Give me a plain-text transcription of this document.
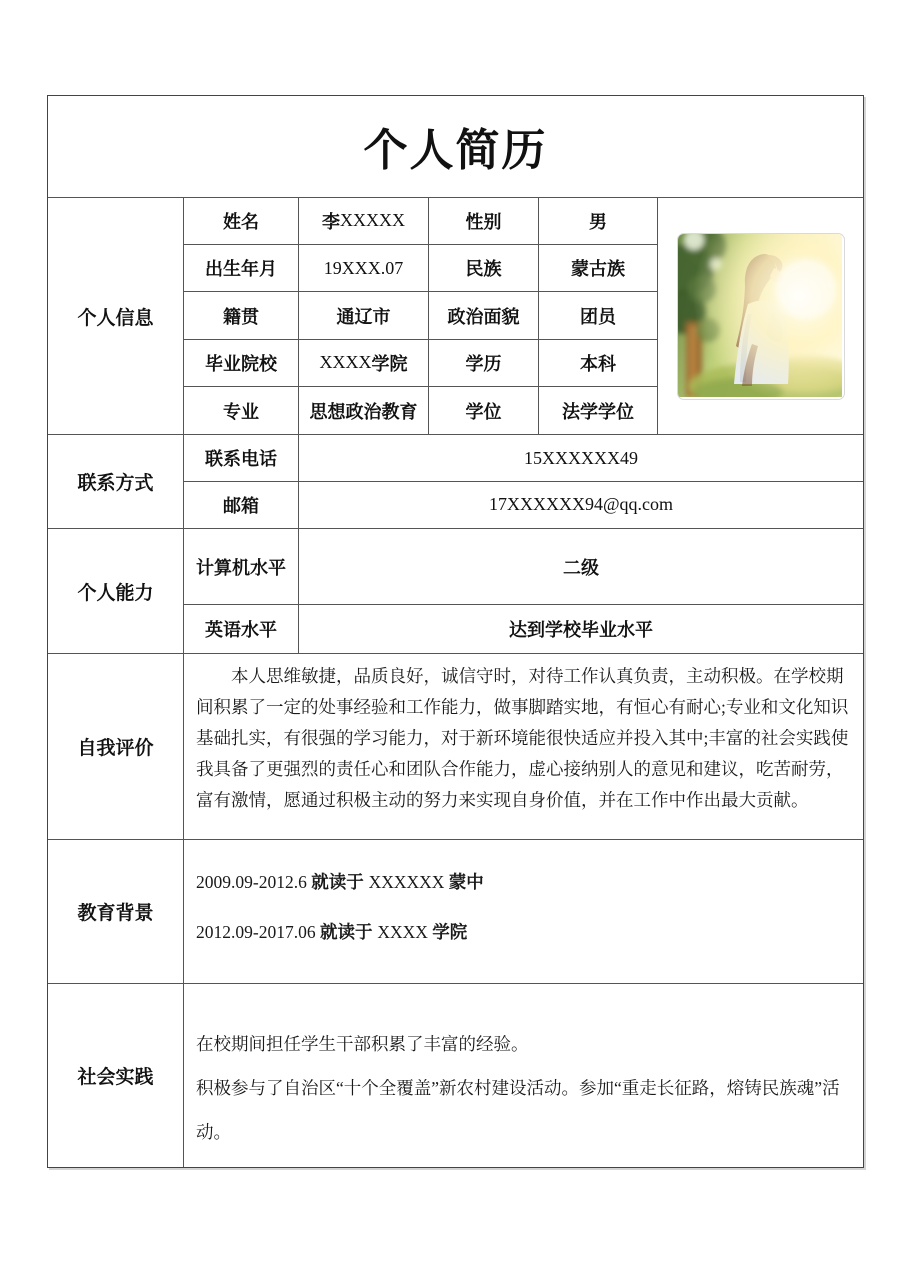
个人简历
个人信息
姓名	李 XXXXX	性别	男
出生年月	19XXX.07	民族	蒙古族
籍贯	通辽市	政治面貌	团员
毕业院校	XXXX 学院	学历	本科
专业	思想政治教育	学位	法学学位
联系方式
联系电话	15XXXXXX49
邮箱	17XXXXXX94@qq.com
个人能力
计算机水平	二级
英语水平	达到学校毕业水平
自我评价
本人思维敏捷，品质良好，诚信守时，对待工作认真负责，主动积极。在学校期间积累了一定的处事经验和工作能力，做事脚踏实地，有恒心有耐心;专业和文化知识基础扎实，有很强的学习能力，对于新环境能很快适应并投入其中;丰富的社会实践使我具备了更强烈的责任心和团队合作能力，虚心接纳别人的意见和建议，吃苦耐劳，富有激情，愿通过积极主动的努力来实现自身价值，并在工作中作出最大贡献。
教育背景
2009.09-2012.6 就读于 XXXXXX 蒙中
2012.09-2017.06 就读于 XXXX 学院
社会实践
在校期间担任学生干部积累了丰富的经验。
积极参与了自治区“十个全覆盖”新农村建设活动。参加“重走长征路，熔铸民族魂”活动。
